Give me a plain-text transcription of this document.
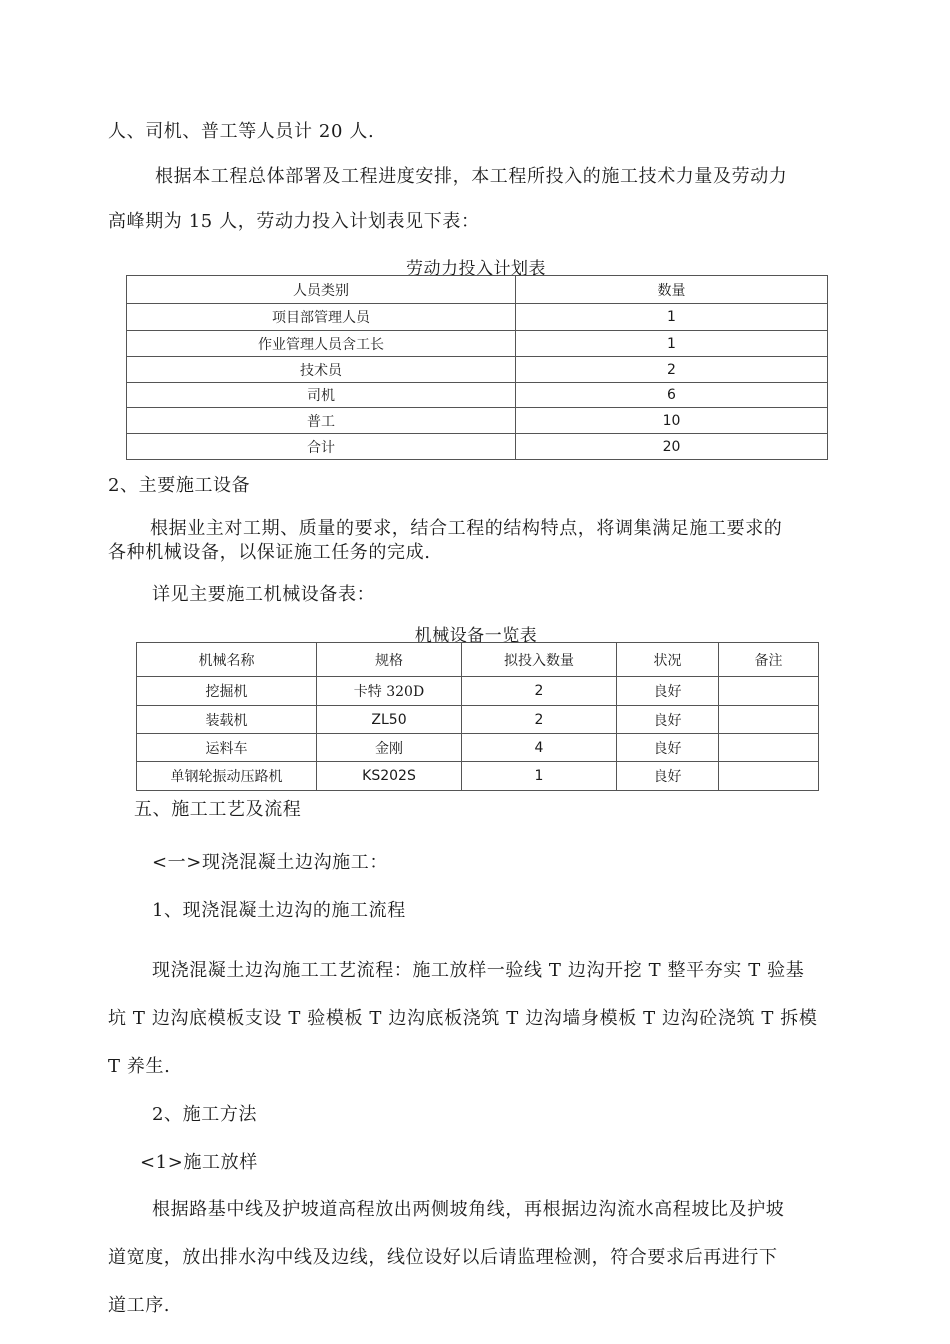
人、司机、普工等人员计 20 人.
根据本工程总体部署及工程进度安排，本工程所投入的施工技术力量及劳动力
高峰期为 15 人，劳动力投入计划表见下表：
劳动力投入计划表
人员类别	数量
项目部管理人员	1
作业管理人员含工长	1
技术员	2
司机	6
普工	10
合计	20
2、主要施工设备
根据业主对工期、质量的要求，结合工程的结构特点，将调集满足施工要求的
各种机械设备，以保证施工任务的完成.
详见主要施工机械设备表：
机械设备一览表
机械名称	规格	拟投入数量	状况	备注
挖掘机	卡特 320D	2	良好	
装载机	ZL50	2	良好	
运料车	金刚	4	良好	
单钢轮振动压路机	KS202S	1	良好	
五、施工工艺及流程
<一>现浇混凝土边沟施工：
1、现浇混凝土边沟的施工流程
现浇混凝土边沟施工工艺流程：施工放样一验线 T 边沟开挖 T 整平夯实 T 验基
坑 T 边沟底模板支设 T 验模板 T 边沟底板浇筑 T 边沟墙身模板 T 边沟砼浇筑 T 拆模
T 养生.
2、施工方法
<1>施工放样
根据路基中线及护坡道高程放出两侧坡角线，再根据边沟流水高程坡比及护坡
道宽度，放出排水沟中线及边线，线位设好以后请监理检测，符合要求后再进行下
道工序.
